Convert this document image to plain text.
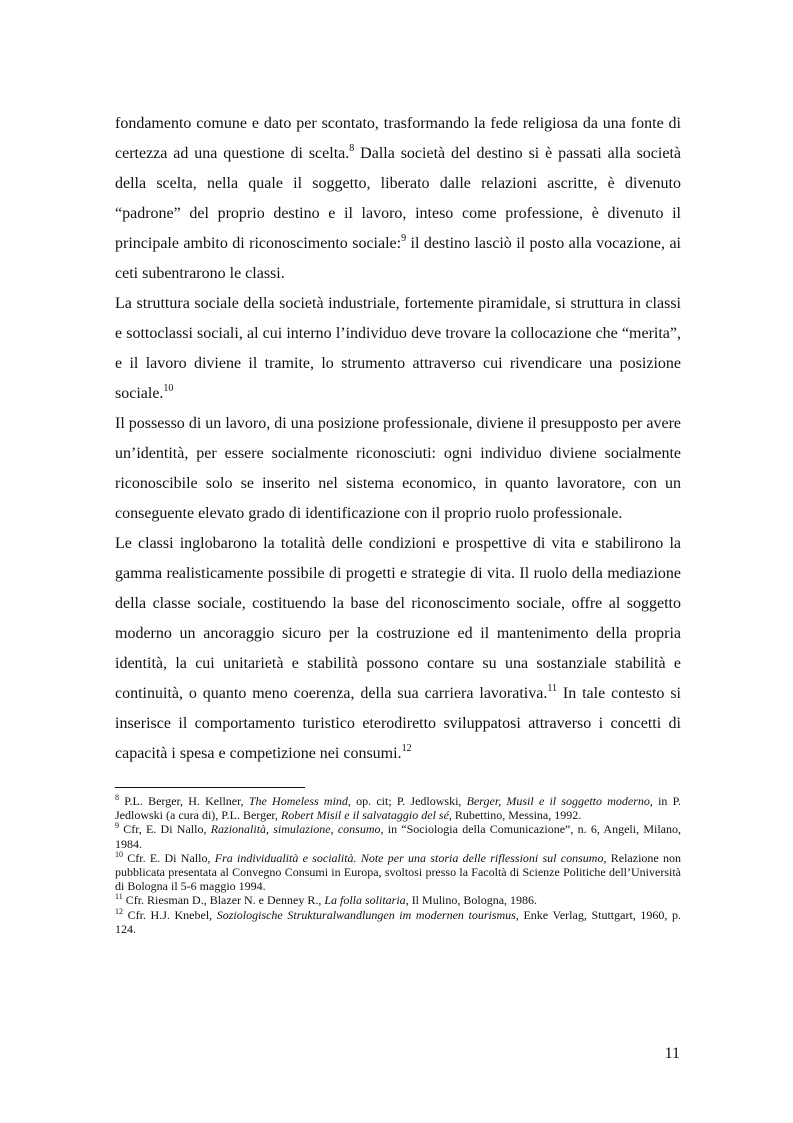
fondamento comune e dato per scontato, trasformando la fede religiosa da una fonte di certezza ad una questione di scelta.$^8$ Dalla società del destino si è passati alla società della scelta, nella quale il soggetto, liberato dalle relazioni ascritte, è divenuto “padrone” del proprio destino e il lavoro, inteso come professione, è divenuto il principale ambito di riconoscimento sociale:$^9$ il destino lasciò il posto alla vocazione, ai ceti subentrarono le classi.

La struttura sociale della società industriale, fortemente piramidale, si struttura in classi e sottoclassi sociali, al cui interno l’individuo deve trovare la collocazione che “merita”, e il lavoro diviene il tramite, lo strumento attraverso cui rivendicare una posizione sociale.$^{10}$

Il possesso di un lavoro, di una posizione professionale, diviene il presupposto per avere un’identità, per essere socialmente riconosciuti: ogni individuo diviene socialmente riconoscibile solo se inserito nel sistema economico, in quanto lavoratore, con un conseguente elevato grado di identificazione con il proprio ruolo professionale.

Le classi inglobarono la totalità delle condizioni e prospettive di vita e stabilirono la gamma realisticamente possibile di progetti e strategie di vita. Il ruolo della mediazione della classe sociale, costituendo la base del riconoscimento sociale, offre al soggetto moderno un ancoraggio sicuro per la costruzione ed il mantenimento della propria identità, la cui unitarietà e stabilità possono contare su una sostanziale stabilità e continuità, o quanto meno coerenza, della sua carriera lavorativa.$^{11}$ In tale contesto si inserisce il comportamento turistico eterodiretto sviluppatosi attraverso i concetti di capacità i spesa e competizione nei consumi.$^{12}$

$^8$ P.L. Berger, H. Kellner, The Homeless mind, op. cit; P. Jedlowski, Berger, Musil e il soggetto moderno, in P. Jedlowski (a cura di), P.L. Berger, Robert Misil e il salvataggio del sé, Rubettino, Messina, 1992.

$^9$ Cfr, E. Di Nallo, Razionalità, simulazione, consumo, in “Sociologia della Comunicazione”, n. 6, Angeli, Milano, 1984.

$^{10}$ Cfr. E. Di Nallo, Fra individualità e socialità. Note per una storia delle riflessioni sul consumo, Relazione non pubblicata presentata al Convegno Consumi in Europa, svoltosi presso la Facoltà di Scienze Politiche dell’Università di Bologna il 5-6 maggio 1994.

$^{11}$ Cfr. Riesman D., Blazer N. e Denney R., La folla solitaria, Il Mulino, Bologna, 1986.

$^{12}$ Cfr. H.J. Knebel, Soziologische Strukturalwandlungen im modernen tourismus, Enke Verlag, Stuttgart, 1960, p. 124.

11
